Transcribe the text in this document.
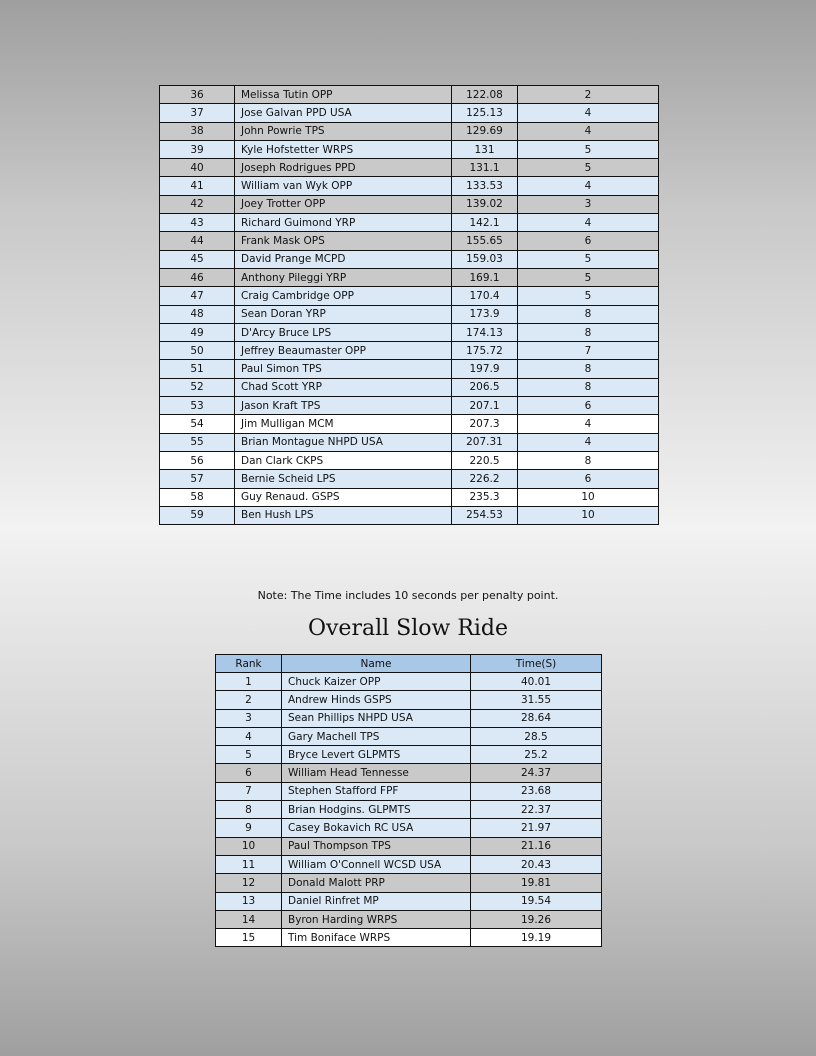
36	Melissa Tutin OPP	122.08	2
37	Jose Galvan PPD USA	125.13	4
38	John Powrie TPS	129.69	4
39	Kyle Hofstetter WRPS	131	5
40	Joseph Rodrigues PPD	131.1	5
41	William van Wyk OPP	133.53	4
42	Joey Trotter OPP	139.02	3
43	Richard Guimond YRP	142.1	4
44	Frank Mask OPS	155.65	6
45	David Prange MCPD	159.03	5
46	Anthony Pileggi YRP	169.1	5
47	Craig Cambridge OPP	170.4	5
48	Sean Doran YRP	173.9	8
49	D'Arcy Bruce LPS	174.13	8
50	Jeffrey Beaumaster OPP	175.72	7
51	Paul Simon TPS	197.9	8
52	Chad Scott YRP	206.5	8
53	Jason Kraft TPS	207.1	6
54	Jim Mulligan MCM	207.3	4
55	Brian Montague NHPD USA	207.31	4
56	Dan Clark CKPS	220.5	8
57	Bernie Scheid LPS	226.2	6
58	Guy Renaud. GSPS	235.3	10
59	Ben Hush LPS	254.53	10
Note: The Time includes 10 seconds per penalty point.
Overall Slow Ride
Rank	Name	Time(S)
1	Chuck Kaizer OPP	40.01
2	Andrew Hinds GSPS	31.55
3	Sean Phillips NHPD USA	28.64
4	Gary Machell TPS	28.5
5	Bryce Levert GLPMTS	25.2
6	William Head Tennesse	24.37
7	Stephen Stafford FPF	23.68
8	Brian Hodgins. GLPMTS	22.37
9	Casey Bokavich RC USA	21.97
10	Paul Thompson TPS	21.16
11	William O'Connell WCSD USA	20.43
12	Donald Malott PRP	19.81
13	Daniel Rinfret MP	19.54
14	Byron Harding WRPS	19.26
15	Tim Boniface WRPS	19.19
